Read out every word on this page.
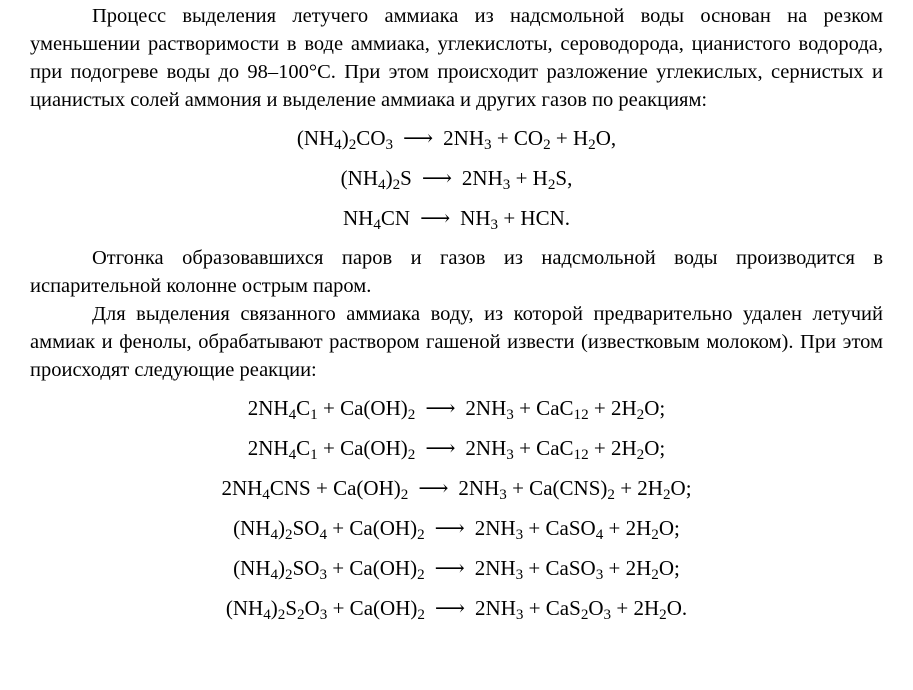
Процесс выделения летучего аммиака из надсмольной воды основан на резком уменьшении растворимости в воде аммиака, углекислоты, сероводорода, цианистого водорода, при подогреве воды до 98–100°С. При этом происходит разложение углекислых, сернистых и цианистых солей аммония и выделение аммиака и других газов по реакциям:

$(NH_4)_2CO_3$ ⟶ $2NH_3 + CO_2 + H_2O$,
$(NH_4)_2S$ ⟶ $2NH_3 + H_2S$,
$NH_4CN$ ⟶ $NH_3$ + HCN.

Отгонка образовавшихся паров и газов из надсмольной воды производится в испарительной колонне острым паром.

Для выделения связанного аммиака воду, из которой предварительно удален летучий аммиак и фенолы, обрабатывают раствором гашеной извести (известковым молоком). При этом происходят следующие реакции:

$2NH_4C_1 + Ca(OH)_2$ ⟶ $2NH_3 + CaC_{12} + 2H_2O$;
$2NH_4C_1 + Ca(OH)_2$ ⟶ $2NH_3 + CaC_{12} + 2H_2O$;
$2NH_4CNS + Ca(OH)_2$ ⟶ $2NH_3 + Ca(CNS)_2 + 2H_2O$;
$(NH_4)_2SO_4 + Ca(OH)_2$ ⟶ $2NH_3$ + CaSO$_4$ + $2H_2O$;
$(NH_4)_2SO_3 + Ca(OH)_2$ ⟶ $2NH_3$ + CaSO$_3$ + $2H_2O$;
$(NH_4)_2S_2O_3 + Ca(OH)_2$ ⟶ $2NH_3 + CaS_2O_3 + 2H_2O$.
